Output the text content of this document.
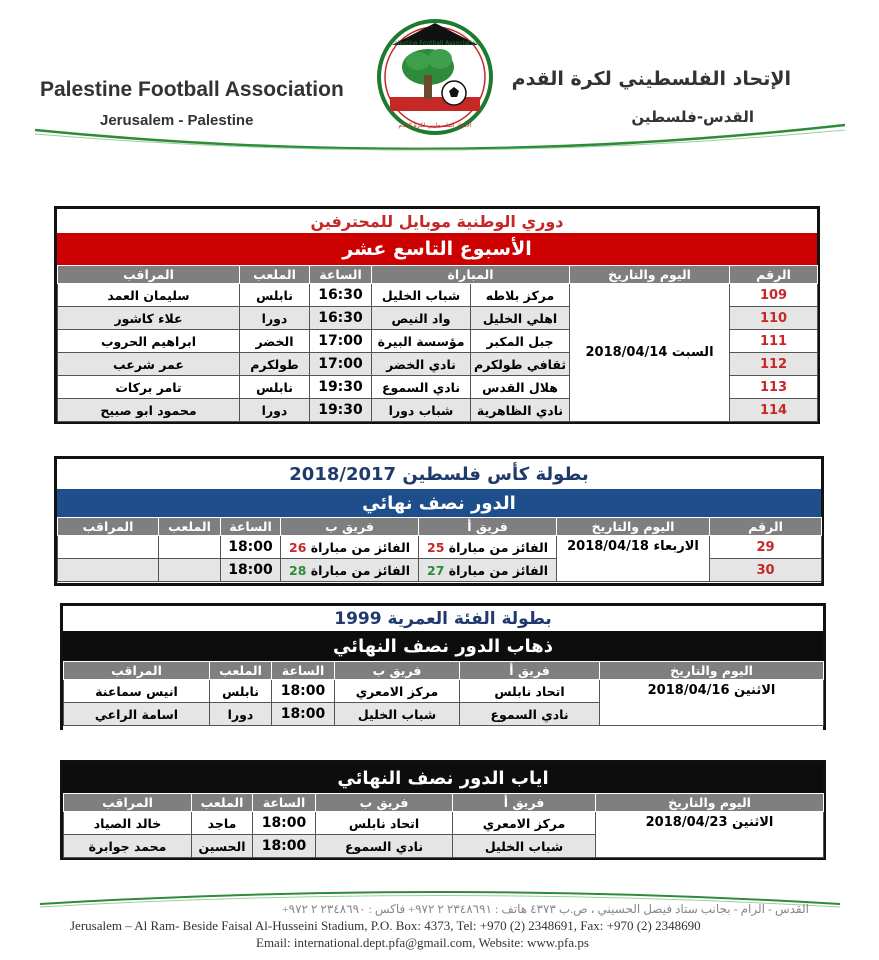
Palestine Football Association
Jerusalem - Palestine
الإتحاد الفلسطيني لكرة القدم
القدس-فلسطين
Palestine Football Association
الاتحاد الفلسطيني لكرة القدم
دوري الوطنية موبايل للمحترفين
الأسبوع التاسع عشر
الرقم	اليوم والتاريخ	المباراة		الساعة	الملعب	المراقب
109	السبت 2018/04/14	مركز بلاطه	شباب الخليل	16:30	نابلس	سليمان العمد
110		اهلي الخليل	واد النيص	16:30	دورا	علاء كاشور
111		جبل المكبر	مؤسسة البيرة	17:00	الخضر	ابراهيم الحروب
112		ثقافي طولكرم	نادي الخضر	17:00	طولكرم	عمر شرعب
113		هلال القدس	نادي السموع	19:30	نابلس	تامر بركات
114		نادي الظاهرية	شباب دورا	19:30	دورا	محمود ابو صبيح
بطولة كأس فلسطين 2018/2017
الدور نصف نهائي
الرقم	اليوم والتاريخ	فريق أ	فريق ب	الساعة	الملعب	المراقب
29	الاربعاء 2018/04/18	الفائز من مباراة 25	الفائز من مباراة 26	18:00		
30		الفائز من مباراة 27	الفائز من مباراة 28	18:00		
بطولة الفئة العمرية 1999
ذهاب الدور نصف النهائي
اليوم والتاريخ	فريق أ	فريق ب	الساعة	الملعب	المراقب
الاثنين 2018/04/16	اتحاد نابلس	مركز الامعري	18:00	نابلس	انيس سماعنة
	نادي السموع	شباب الخليل	18:00	دورا	اسامة الراعي
اياب الدور نصف النهائي
اليوم والتاريخ	فريق أ	فريق ب	الساعة	الملعب	المراقب
الاثنين 2018/04/23	مركز الامعري	اتحاد نابلس	18:00	ماجد	خالد الصياد
	شباب الخليل	نادي السموع	18:00	الحسين	محمد جوابرة
القدس - الرام - بجانب ستاد فيصل الحسيني ، ص.ب ٤٣٧٣ هاتف : ٢٣٤٨٦٩١ ٢ ٩٧٢+ فاكس : ٢٣٤٨٦٩٠ ٢ ٩٧٢+
Jerusalem – Al Ram- Beside Faisal Al-Husseini Stadium, P.O. Box: 4373, Tel: +970 (2) 2348691, Fax: +970 (2) 2348690
Email: international.dept.pfa@gmail.com, Website: www.pfa.ps
